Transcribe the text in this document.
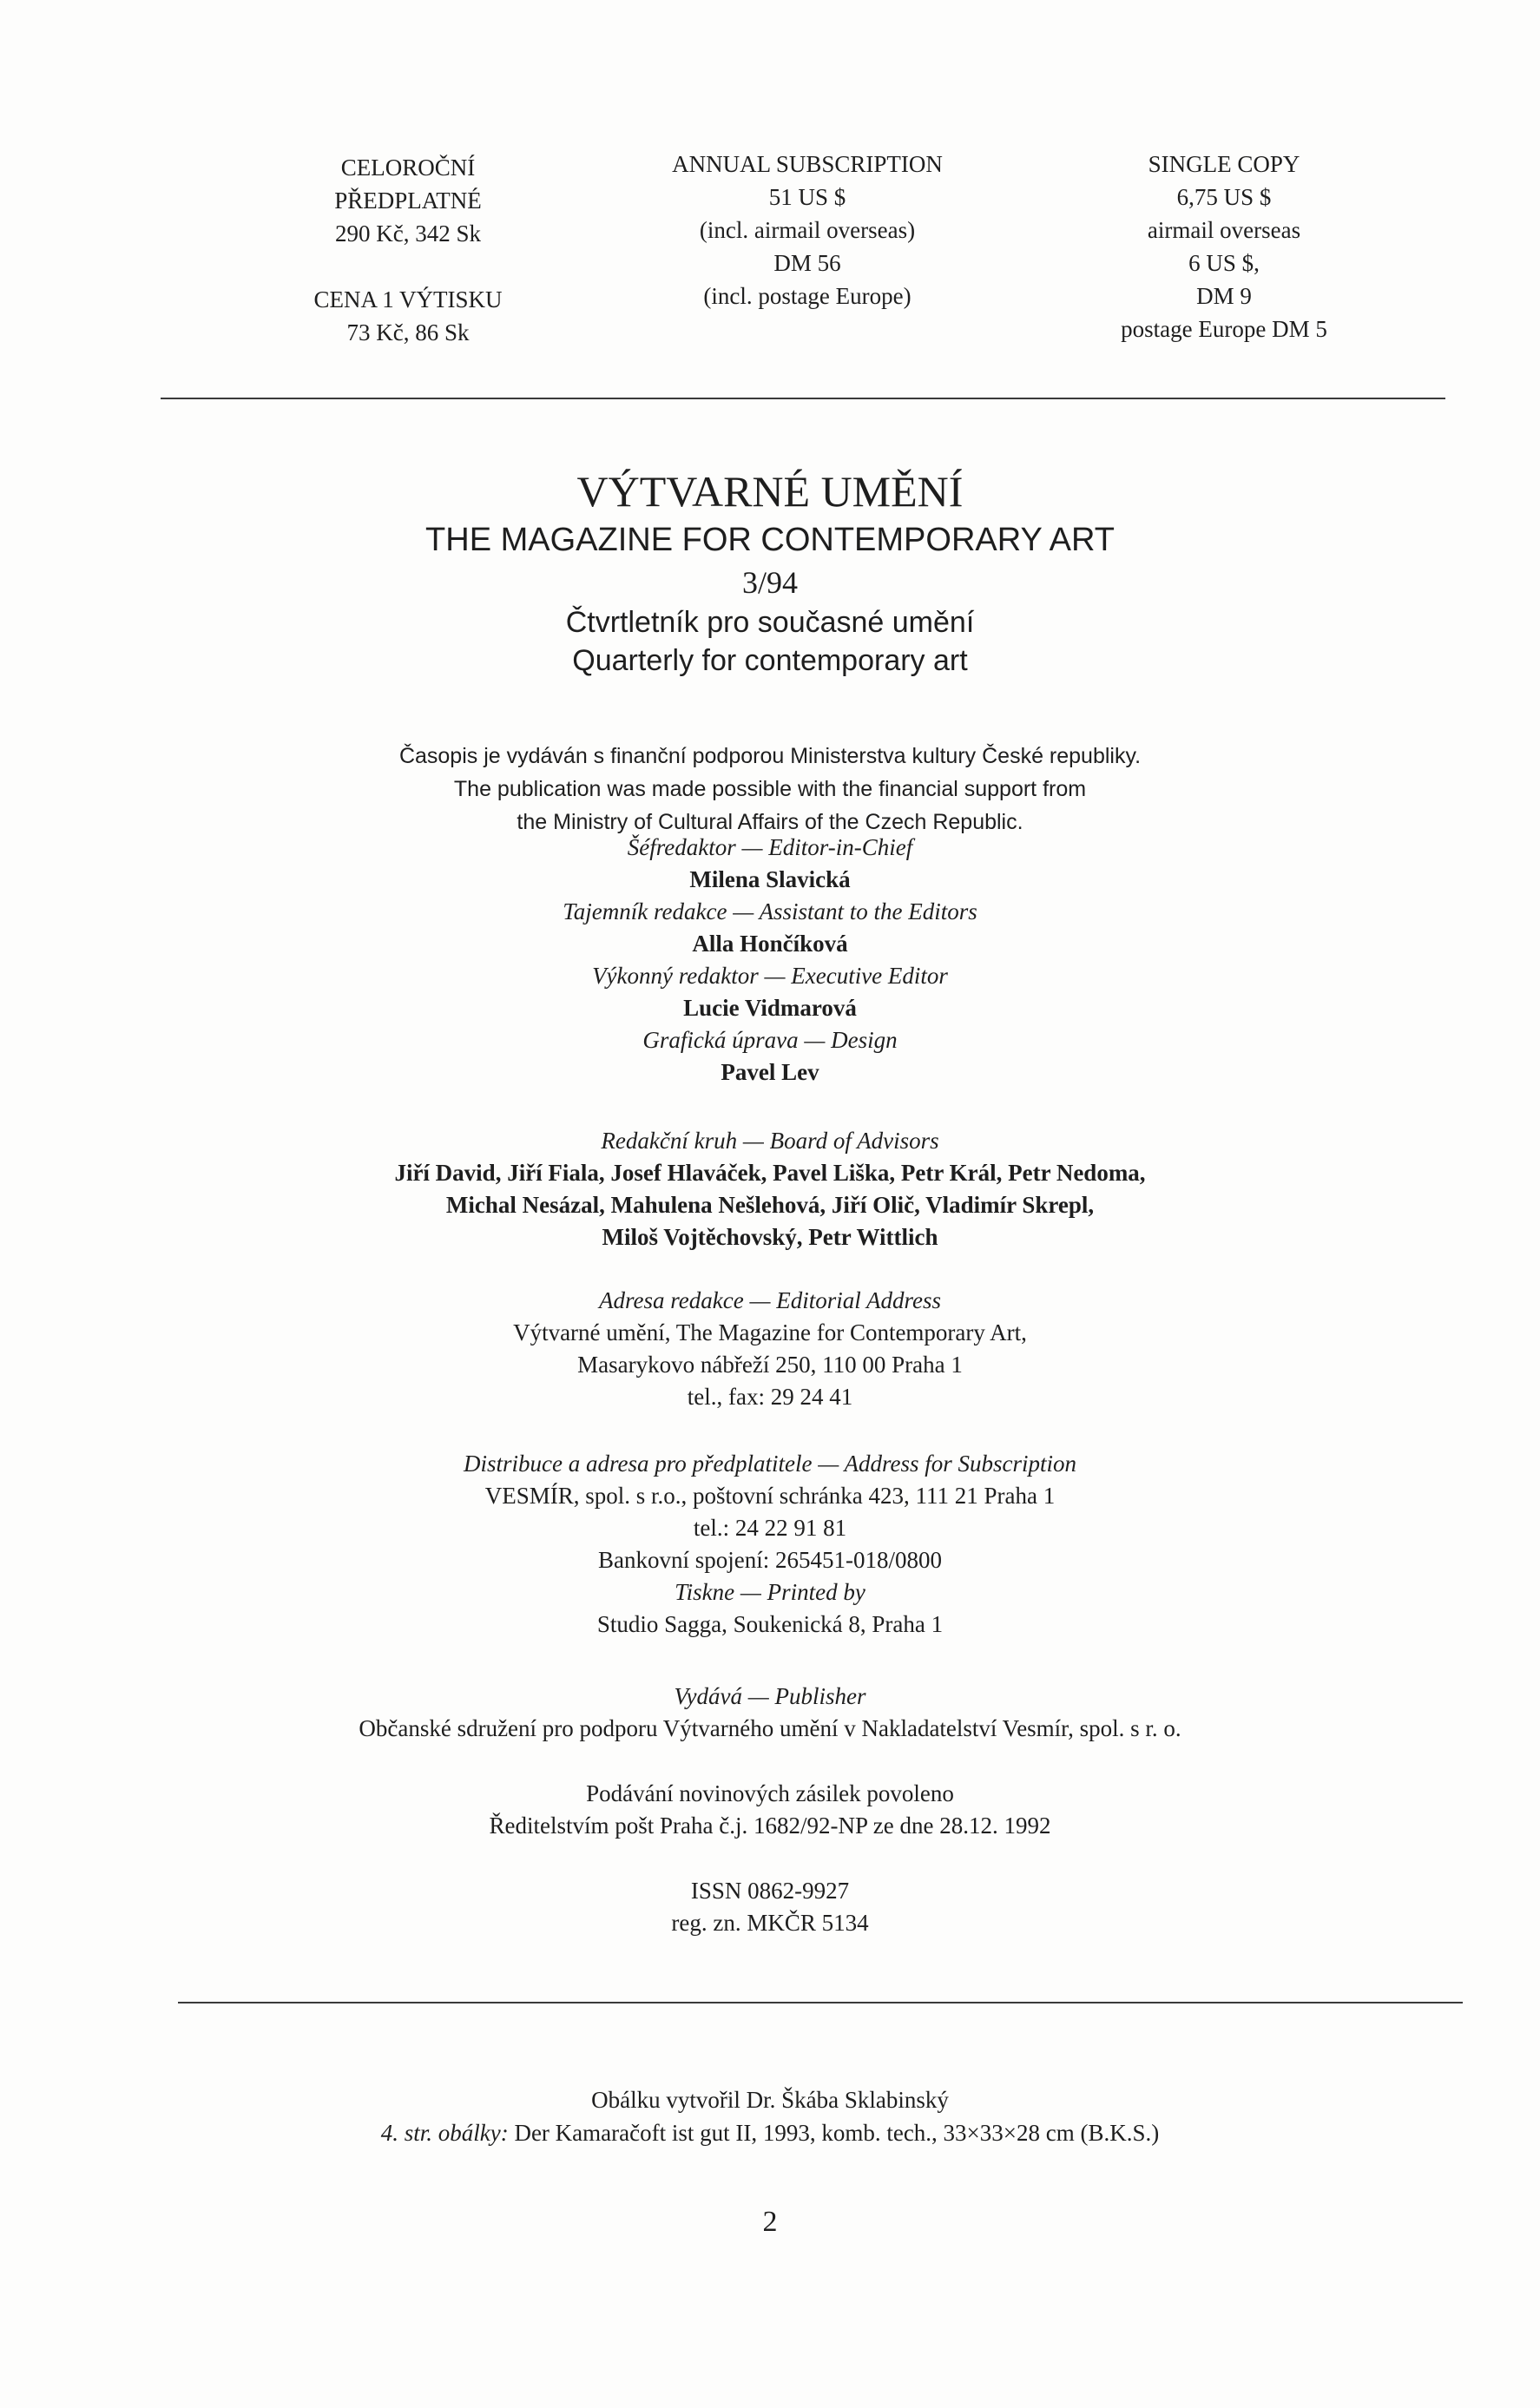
CELOROČNÍ
PŘEDPLATNÉ
290 Kč, 342 Sk
CENA 1 VÝTISKU
73 Kč, 86 Sk
ANNUAL SUBSCRIPTION
51 US $
(incl. airmail overseas)
DM 56
(incl. postage Europe)
SINGLE COPY
6,75 US $
airmail overseas
6 US $,
DM 9
postage Europe DM 5
VÝTVARNÉ UMĚNÍ
THE MAGAZINE FOR CONTEMPORARY ART
3/94
Čtvrtletník pro současné umění
Quarterly for contemporary art
Časopis je vydáván s finanční podporou Ministerstva kultury České republiky.
The publication was made possible with the financial support from
the Ministry of Cultural Affairs of the Czech Republic.
Šéfredaktor — Editor-in-Chief
Milena Slavická
Tajemník redakce — Assistant to the Editors
Alla Hončíková
Výkonný redaktor — Executive Editor
Lucie Vidmarová
Grafická úprava — Design
Pavel Lev
Redakční kruh — Board of Advisors
Jiří David, Jiří Fiala, Josef Hlaváček, Pavel Liška, Petr Král, Petr Nedoma,
Michal Nesázal, Mahulena Nešlehová, Jiří Olič, Vladimír Skrepl,
Miloš Vojtěchovský, Petr Wittlich
Adresa redakce — Editorial Address
Výtvarné umění, The Magazine for Contemporary Art,
Masarykovo nábřeží 250, 110 00 Praha 1
tel., fax: 29 24 41
Distribuce a adresa pro předplatitele — Address for Subscription
VESMÍR, spol. s r.o., poštovní schránka 423, 111 21 Praha 1
tel.: 24 22 91 81
Bankovní spojení: 265451-018/0800
Tiskne — Printed by
Studio Sagga, Soukenická 8, Praha 1
Vydává — Publisher
Občanské sdružení pro podporu Výtvarného umění v Nakladatelství Vesmír, spol. s r. o.
Podávání novinových zásilek povoleno
Ředitelstvím pošt Praha č.j. 1682/92-NP ze dne 28.12. 1992
ISSN 0862-9927
reg. zn. MKČR 5134
Obálku vytvořil Dr. Škába Sklabinský
4. str. obálky: Der Kamaračoft ist gut II, 1993, komb. tech., 33×33×28 cm (B.K.S.)
2
